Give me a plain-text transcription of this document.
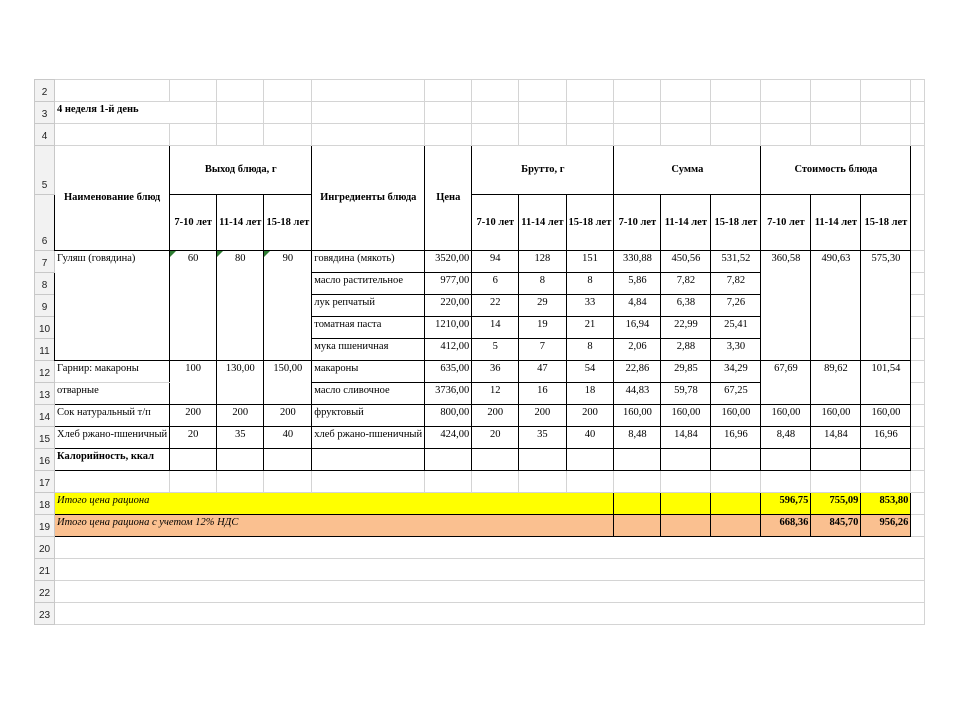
2																
3	4 неделя 1-й день															
4																
5	Наименование блюд	Выход блюда, г			Ингредиенты блюда	Цена	Брутто, г			Сумма			Стоимость блюда			
6		7-10 лет	11-14 лет	15-18 лет			7-10 лет	11-14 лет	15-18 лет	7-10 лет	11-14 лет	15-18 лет	7-10 лет	11-14 лет	15-18 лет	
7	Гуляш (говядина)	60	80	90	говядина (мякоть)	3520,00	94	128	151	330,88	450,56	531,52	360,58	490,63	575,30	
8					масло растительное	977,00	6	8	8	5,86	7,82	7,82				
9					лук репчатый	220,00	22	29	33	4,84	6,38	7,26				
10					томатная паста	1210,00	14	19	21	16,94	22,99	25,41				
11					мука пшеничная	412,00	5	7	8	2,06	2,88	3,30				
12	Гарнир: макароны	100	130,00	150,00	макароны	635,00	36	47	54	22,86	29,85	34,29	67,69	89,62	101,54	
13	отварные				масло сливочное	3736,00	12	16	18	44,83	59,78	67,25				
14	Сок натуральный т/п	200	200	200	фруктовый	800,00	200	200	200	160,00	160,00	160,00	160,00	160,00	160,00	
15	Хлеб ржано-пшеничный	20	35	40	хлеб ржано-пшеничный	424,00	20	35	40	8,48	14,84	16,96	8,48	14,84	16,96	
16	Калорийность, ккал															
17																
18	Итого цена рациона												596,75	755,09	853,80	
19	Итого цена рациона с учетом 12% НДС												668,36	845,70	956,26	
20																
21																
22																
23																
